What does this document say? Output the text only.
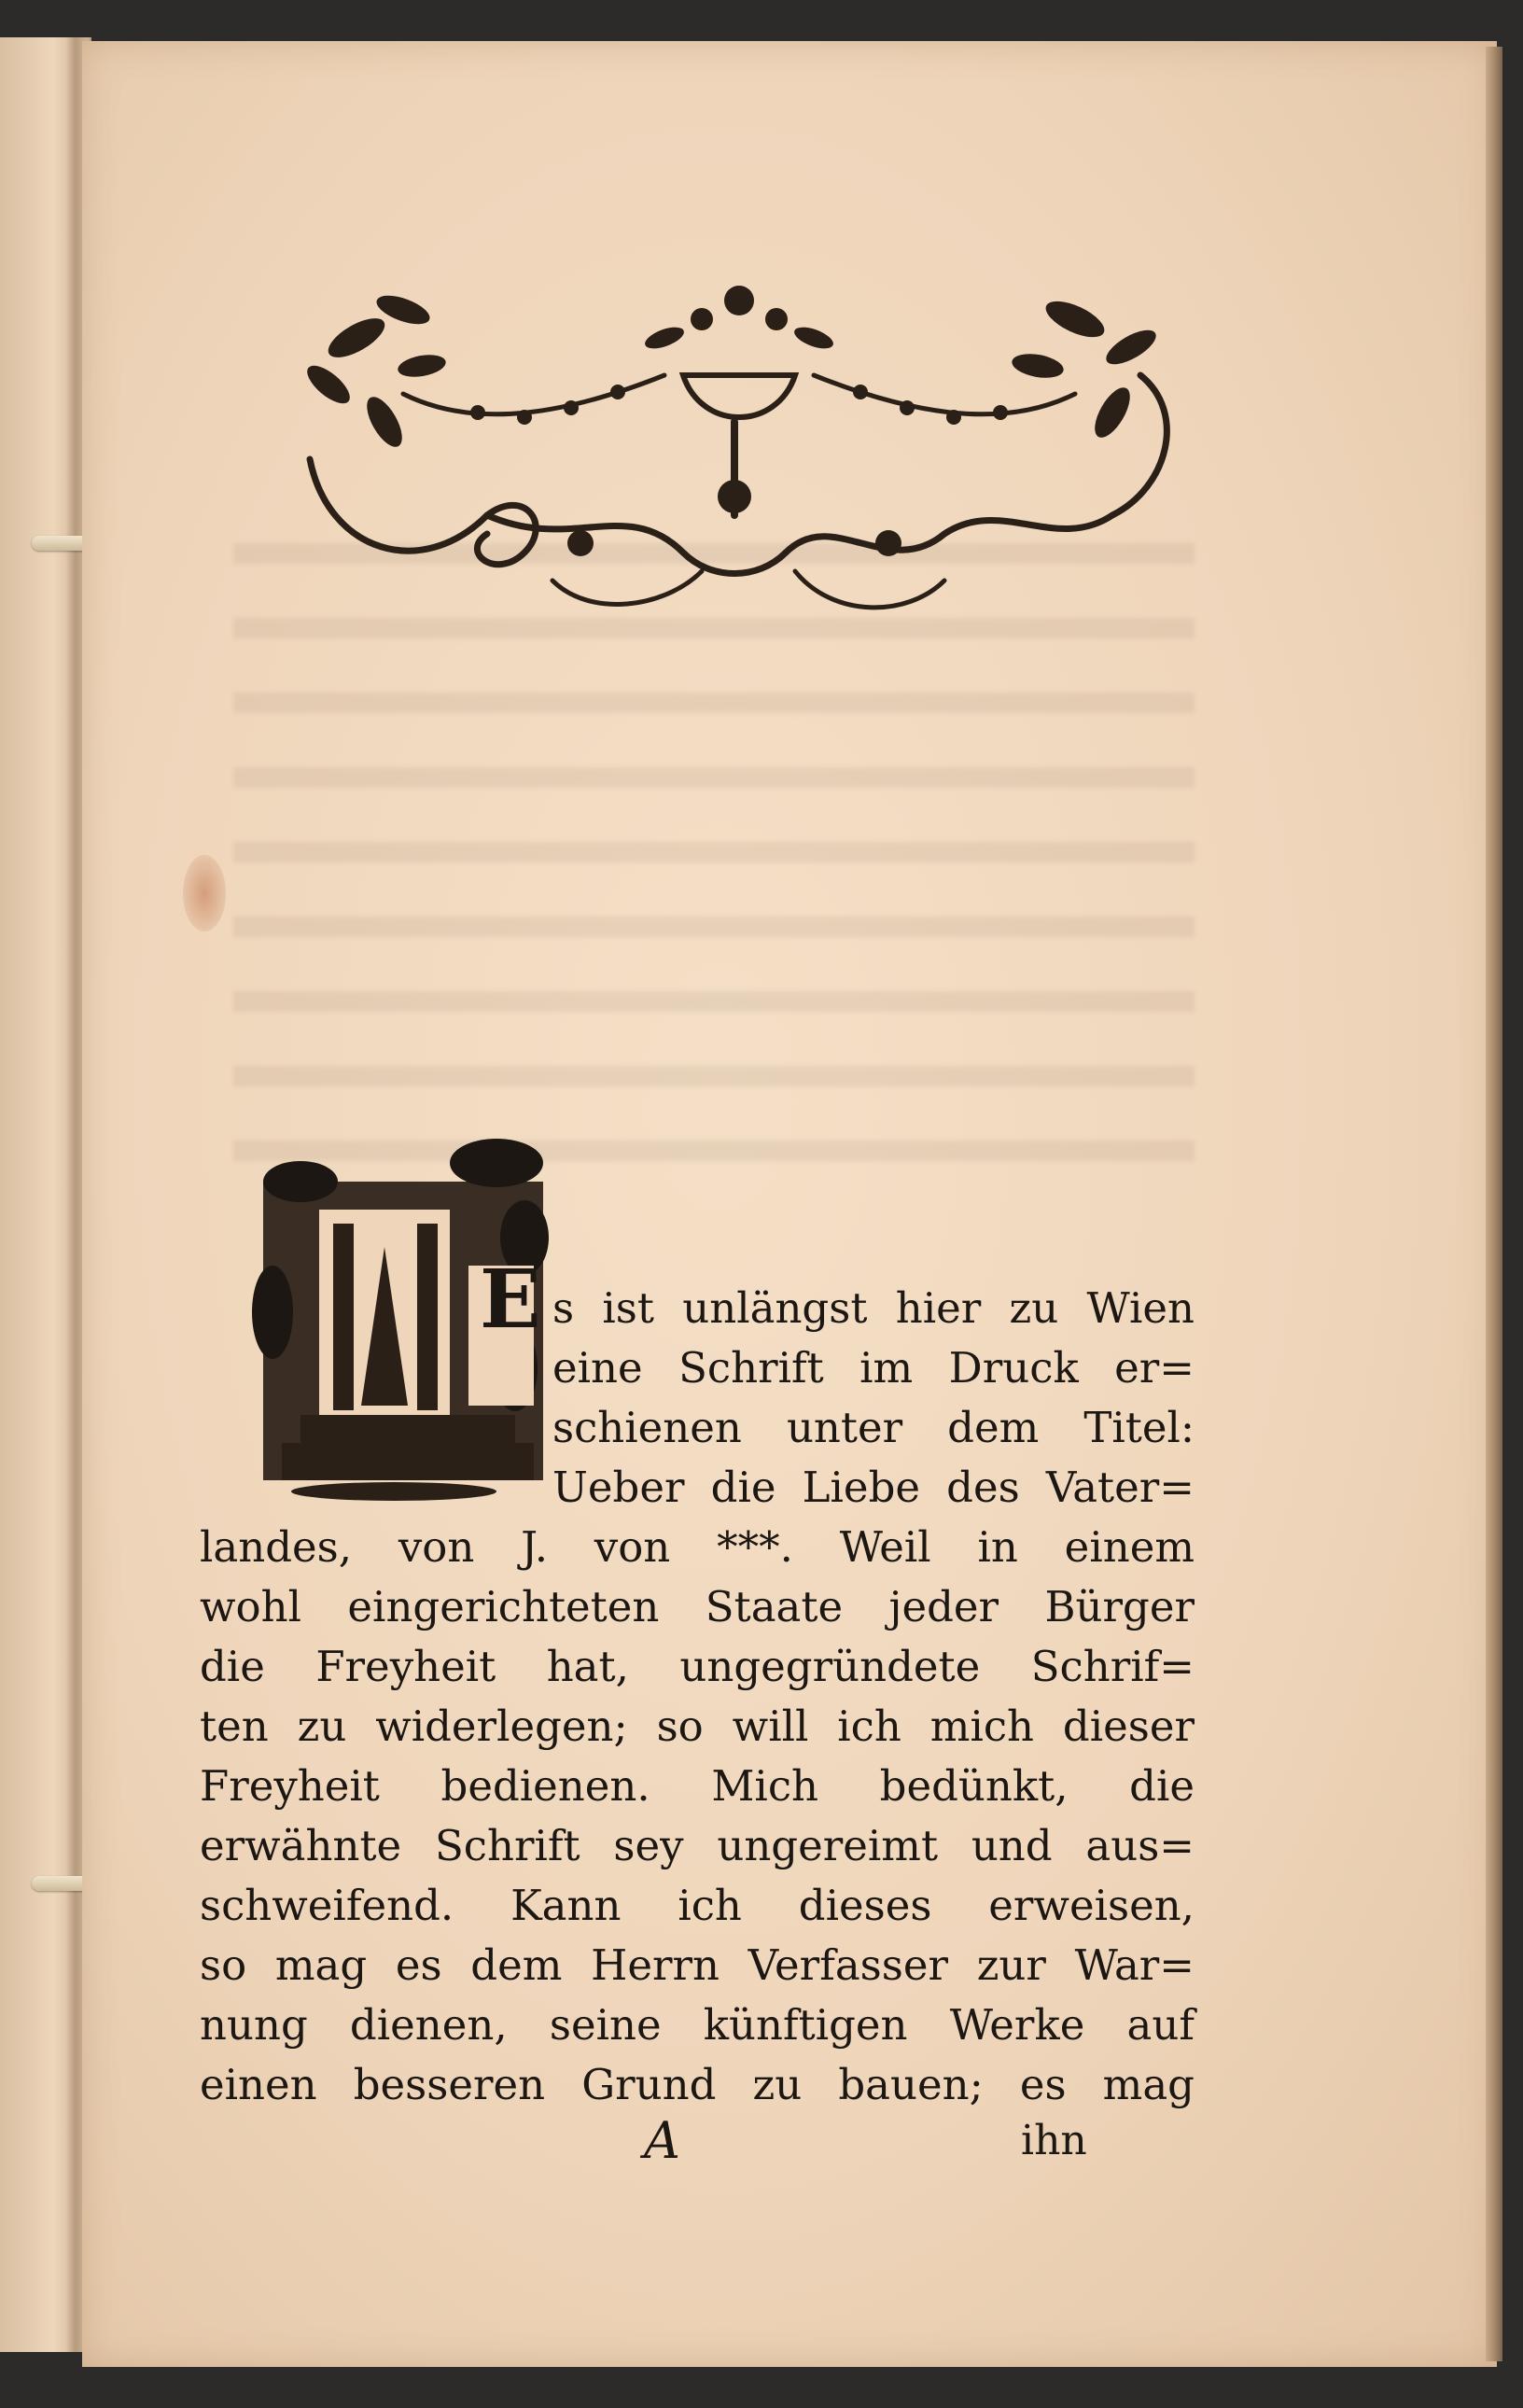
E s ist unlängst hier zu Wien
eine Schrift im Druck er=
schienen unter dem Titel:
Ueber die Liebe des Vater=
landes, von J. von ***. Weil in einem
wohl eingerichteten Staate jeder Bürger
die Freyheit hat, ungegründete Schrif=
ten zu widerlegen; so will ich mich dieser
Freyheit bedienen. Mich bedünkt, die
erwähnte Schrift sey ungereimt und aus=
schweifend. Kann ich dieses erweisen,
so mag es dem Herrn Verfasser zur War=
nung dienen, seine künftigen Werke auf
einen besseren Grund zu bauen; es mag
A	ihn
